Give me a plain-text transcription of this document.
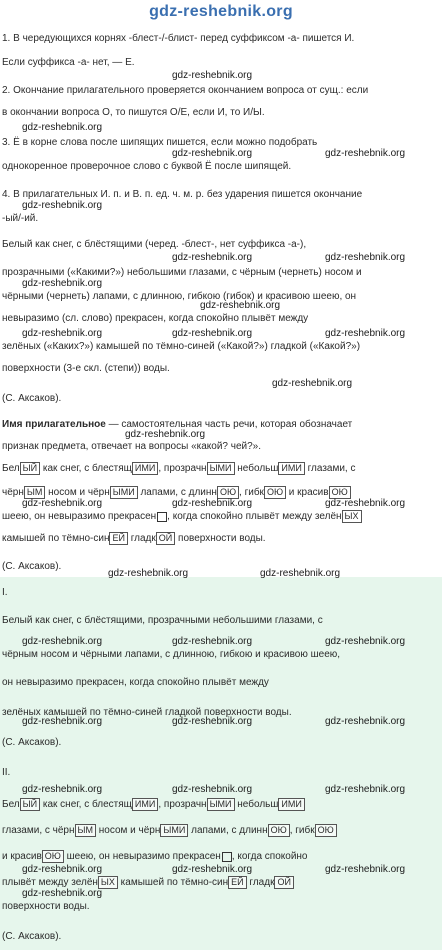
gdz-reshebnik.org
1. В чередующихся корнях -блест-/-блист- перед суффиксом -а- пишется И.
Если суффикса -а- нет, — Е.
2. Окончание прилагательного проверяется окончанием вопроса от сущ.: если
в окончании вопроса О, то пишутся О/Е, если И, то И/Ы.
3. Ё в корне слова после шипящих пишется, если можно подобрать
однокоренное проверочное слово с буквой Ё после шипящей.
4. В прилагательных И. п. и В. п. ед. ч. м. р. без ударения пишется окончание
-ый/-ий.
Белый как снег, с блёстящими (черед. -блест-, нет суффикса -а-),
прозрачными («Какими?») небольшими глазами, с чёрным (чернеть) носом и
чёрными (чернеть) лапами, с длинною, гибкою (гибок) и красивою шеею, он
невыразимо (сл. слово) прекрасен, когда спокойно плывёт между
зелёных («Каких?») камышей по тёмно-синей («Какой?») гладкой («Какой?»)
поверхности (3-е скл. (степи)) воды.
(С. Аксаков).
Имя прилагательное — самостоятельная часть речи, которая обозначает
признак предмета, отвечает на вопросы «какой? чей?».
Бел ЫЙ как снег, с блестящ ИМИ , прозрачн ЫМИ небольш ИМИ глазами, с
чёрн ЫМ носом и чёрн ЫМИ лапами, с длинн ОЮ , гибк ОЮ и красив ОЮ
шеею, он невыразимо прекрасен , когда спокойно плывёт между зелён ЫХ
камышей по тёмно-син ЕЙ гладк ОЙ поверхности воды.
(С. Аксаков).
I.
Белый как снег, с блёстящими, прозрачными небольшими глазами, с
чёрным носом и чёрными лапами, с длинною, гибкою и красивою шеею,
он невыразимо прекрасен, когда спокойно плывёт между
зелёных камышей по тёмно-синей гладкой поверхности воды.
(С. Аксаков).
II.
Бел ЫЙ как снег, с блестящ ИМИ , прозрачн ЫМИ небольш ИМИ
глазами, с чёрн ЫМ носом и чёрн ЫМИ лапами, с длинн ОЮ , гибк ОЮ
и красив ОЮ шеею, он невыразимо прекрасен , когда спокойно
плывёт между зелён ЫХ камышей по тёмно-син ЕЙ гладк ОЙ
поверхности воды.
(С. Аксаков).
gdz-reshebnik.org
gdz-reshebnik.org
gdz-reshebnik.org	gdz-reshebnik.org
gdz-reshebnik.org
gdz-reshebnik.org	gdz-reshebnik.org
gdz-reshebnik.org
gdz-reshebnik.org
gdz-reshebnik.org	gdz-reshebnik.org	gdz-reshebnik.org
gdz-reshebnik.org
gdz-reshebnik.org
gdz-reshebnik.org	gdz-reshebnik.org	gdz-reshebnik.org
gdz-reshebnik.org	gdz-reshebnik.org
gdz-reshebnik.org	gdz-reshebnik.org	gdz-reshebnik.org
gdz-reshebnik.org	gdz-reshebnik.org	gdz-reshebnik.org
gdz-reshebnik.org	gdz-reshebnik.org	gdz-reshebnik.org
gdz-reshebnik.org	gdz-reshebnik.org	gdz-reshebnik.org
gdz-reshebnik.org
